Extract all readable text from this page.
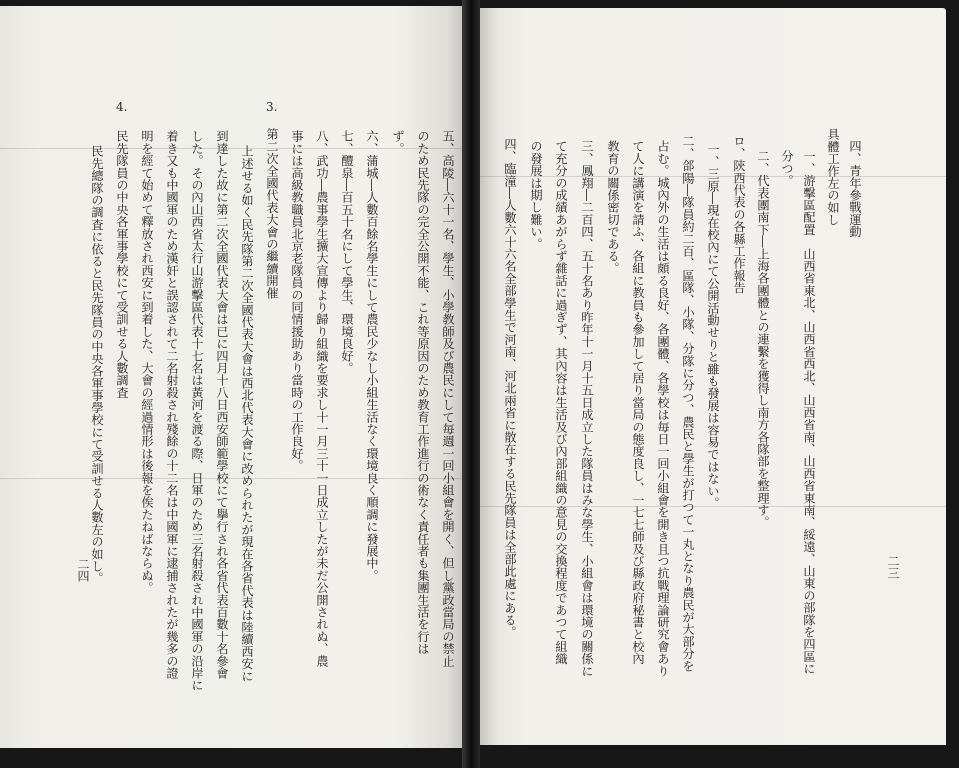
五、高陵―六十一名、學生、小學教師及び農民にして毎週一回小組會を開く、但し黨政當局の禁止
のため民先隊の完全公開不能、これ等原因のため教育工作進行の術なく責任者も集團生活を行は
ず。
六、蒲城―人數百餘名學生にして農民少なし小組生活なく環境良く順調に發展中。
七、醴泉―百五十名にして學生、環境良好。
八、武功―農事學生擴大宣傳より歸り組織を要求し十一月三十一日成立したが未だ公開されぬ、農
事には高級教職員北京老隊員の同情援助あり當時の工作良好。
3.
第二次全國代表大會の繼續開催
上述せる如く民先隊第二次全國代表大會は西北代表大會に改められたが現在各省代表は陸續西安に
到達した故に第二次全國代表大會は已に四月十八日西安師範學校にて擧行され各省代表百數十名參會
した。その內山西省太行山游擊區代表十七名は黃河を渡る際、日軍のため三名射殺され中國軍の沿岸に
着き又も中國軍のため漢奸と誤認されて二名射殺され殘餘の十二名は中國軍に逮捕されたが幾多の證
明を經て始めて釋放され西安に到着した、大會の經過情形は後報を俟たねばならぬ。
4.
民先隊員の中央各軍事學校にて受訓せる人數調査
民先總隊の調査に依ると民先隊員の中央各軍事學校にて受訓せる人數左の如し。
二四
四、青年參戰運動
具體工作左の如し
一、游擊區配置　山西省東北、山西省西北、山西省南、山西省東南、綏遠、山東の部隊を四區に
分つ。
二、代表團南下―上海各團體との連繫を獲得し南方各隊部を整理す。
ロ、陝西代表の各縣工作報告
一、三原―現在校內にて公開活動せりと雖も發展は容易ではない。
二、郃陽―隊員約二百、區隊、小隊、分隊に分つ、農民と學生が打つて一丸となり農民が大部分を
占む。城內外の生活は頗る良好、各團體、各學校は毎日一回小組會を開き且つ抗戰理論研究會あり
て人に講演を請ふ、各組に教員も參加して居り當局の態度良し、一七七師及び縣政府秘書と校內
教育の關係密切である。
三、鳳翔―二百四、五十名あり昨年十一月十五日成立した隊員はみな學生、小組會は環境の關係に
て充分の成績あがらず雜話に過ぎず、其內容は生活及び內部組織の意見の交換程度であつて組織
の發展は期し難い。
四、臨潼―人數六十六名全部學生で河南、河北兩省に散在する民先隊員は全部此處にある。	二三
